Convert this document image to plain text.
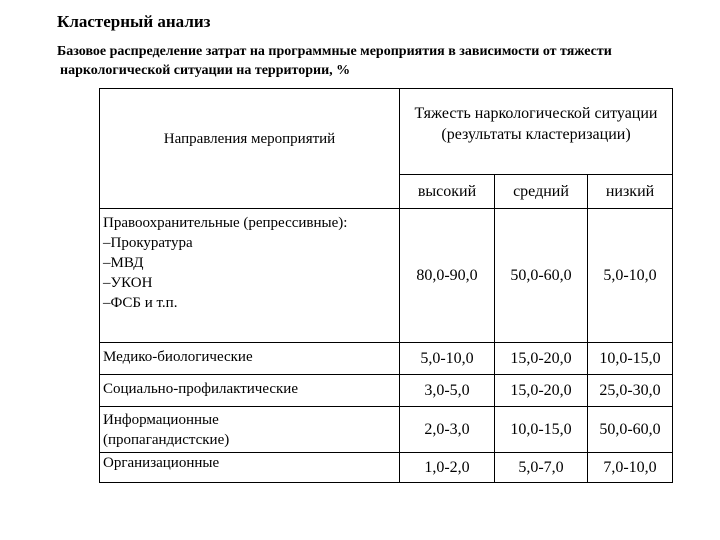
Кластерный анализ
Базовое распределение затрат на программные мероприятия в зависимости от тяжести
наркологической ситуации на территории, %
Направления мероприятий	Тяжесть наркологической ситуации (результаты кластеризации)		
	высокий	средний	низкий

Правоохранительные (репрессивные):
–Прокуратура
–МВД
–УКОН
–ФСБ и т.п.	80,0-90,0	50,0-60,0	5,0-10,0

Медико-биологические	5,0-10,0	15,0-20,0	10,0-15,0

Социально-профилактические	3,0-5,0	15,0-20,0	25,0-30,0

Информационные
(пропагандистские)	2,0-3,0	10,0-15,0	50,0-60,0

Организационные	1,0-2,0	5,0-7,0	7,0-10,0
